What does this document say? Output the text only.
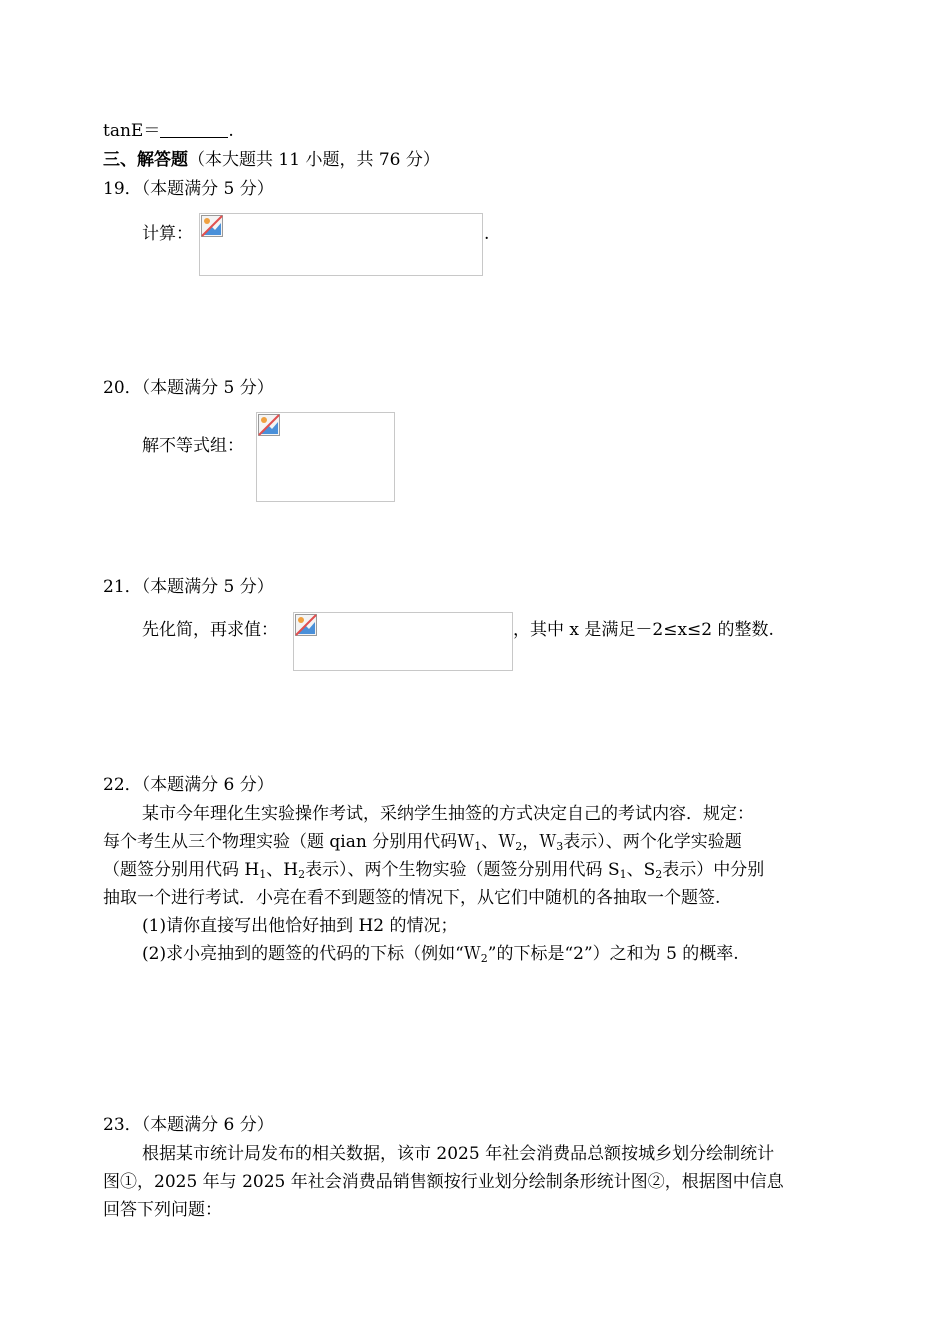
tanE＝	.
三、解答题（本大题共 11 小题，共 76 分）
19．（本题满分 5 分）
计算：	.
20．（本题满分 5 分）
解不等式组：
21．（本题满分 5 分）
先化简，再求值：	，其中 x 是满足－2≤x≤2 的整数.
22．（本题满分 6 分）

某市今年理化生实验操作考试，采纳学生抽签的方式决定自己的考试内容．规定：

每个考生从三个物理实验（题 qian 分别用代码Ｗ$_1$、Ｗ$_2$，Ｗ$_3$表示）、两个化学实验题

（题签分别用代码 $H_1$、$H_2$表示）、两个生物实验（题签分别用代码 $S_1$、$S_2$表示）中分别

抽取一个进行考试．小亮在看不到题签的情况下，从它们中随机的各抽取一个题签.

(1)请你直接写出他恰好抽到 H2 的情况；

(2)求小亮抽到的题签的代码的下标（例如“Ｗ$_2$”的下标是“2”）之和为 5 的概率.

23．（本题满分 6 分）

根据某市统计局发布的相关数据，该市 2025 年社会消费品总额按城乡划分绘制统计

图①，2025 年与 2025 年社会消费品销售额按行业划分绘制条形统计图②，根据图中信息

回答下列问题：
